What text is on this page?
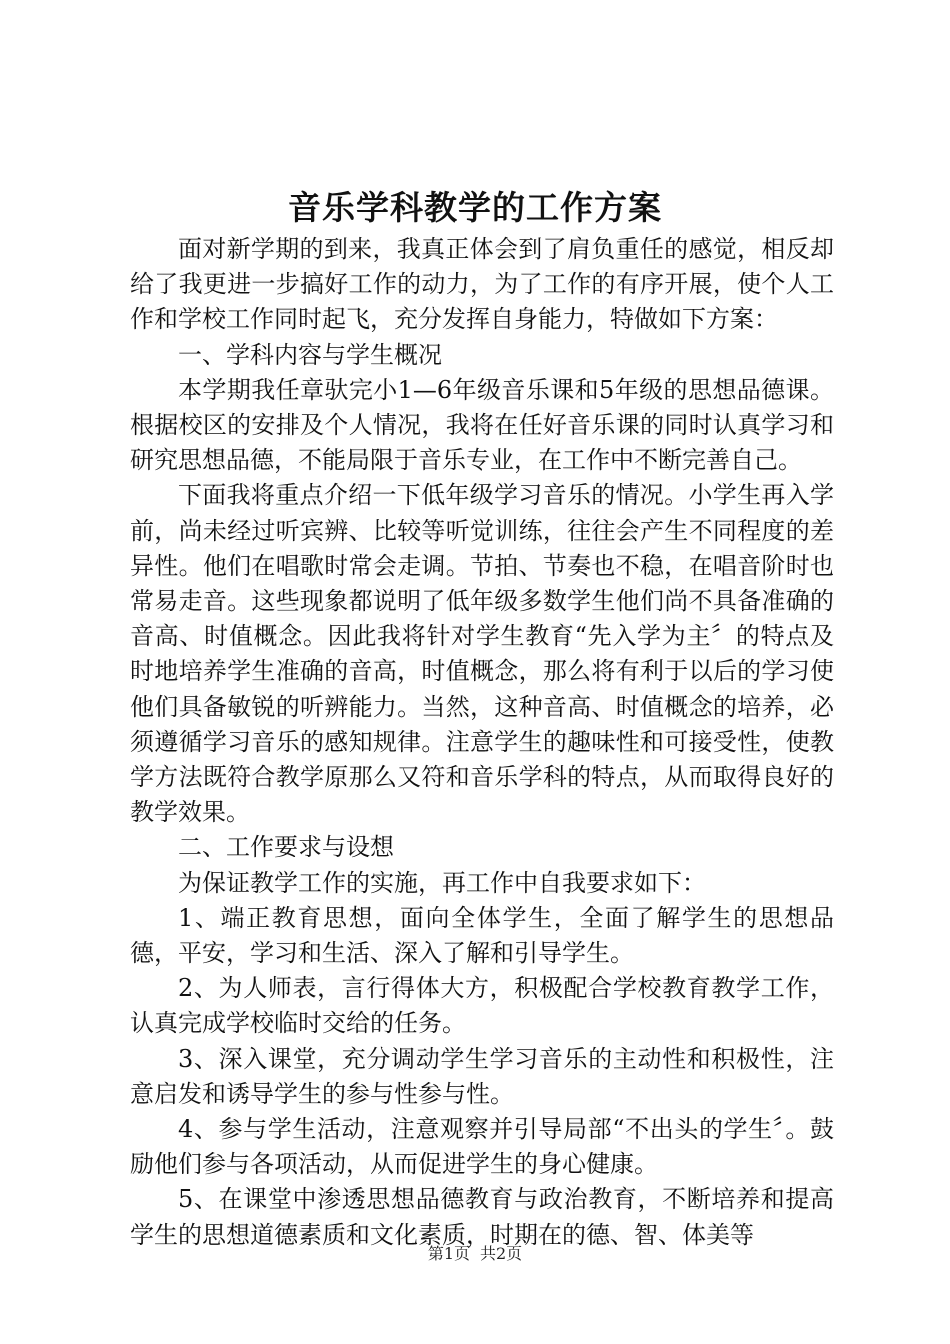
音乐学科教学的工作方案

面对新学期的到来，我真正体会到了肩负重任的感觉，相反却给了我更进一步搞好工作的动力，为了工作的有序开展，使个人工作和学校工作同时起飞，充分发挥自身能力，特做如下方案：

一、学科内容与学生概况

本学期我任章驮完小1—6年级音乐课和5年级的思想品德课。根据校区的安排及个人情况，我将在任好音乐课的同时认真学习和研究思想品德，不能局限于音乐专业，在工作中不断完善自己。

下面我将重点介绍一下低年级学习音乐的情况。小学生再入学前，尚未经过听宾辨、比较等听觉训练，往往会产生不同程度的差异性。他们在唱歌时常会走调。节拍、节奏也不稳，在唱音阶时也常易走音。这些现象都说明了低年级多数学生他们尚不具备准确的音高、时值概念。因此我将针对学生教育“先入学为主〞的特点及时地培养学生准确的音高，时值概念，那么将有利于以后的学习使他们具备敏锐的听辨能力。当然，这种音高、时值概念的培养，必须遵循学习音乐的感知规律。注意学生的趣味性和可接受性，使教学方法既符合教学原那么又符和音乐学科的特点，从而取得良好的教学效果。

二、工作要求与设想

为保证教学工作的实施，再工作中自我要求如下：

1、端正教育思想，面向全体学生，全面了解学生的思想品德，平安，学习和生活、深入了解和引导学生。

2、为人师表，言行得体大方，积极配合学校教育教学工作，认真完成学校临时交给的任务。

3、深入课堂，充分调动学生学习音乐的主动性和积极性，注意启发和诱导学生的参与性参与性。

4、参与学生活动，注意观察并引导局部“不出头的学生〞。鼓励他们参与各项活动，从而促进学生的身心健康。

5、在课堂中渗透思想品德教育与政治教育，不断培养和提高学生的思想道德素质和文化素质，时期在的德、智、体美等

第1页 共2页
